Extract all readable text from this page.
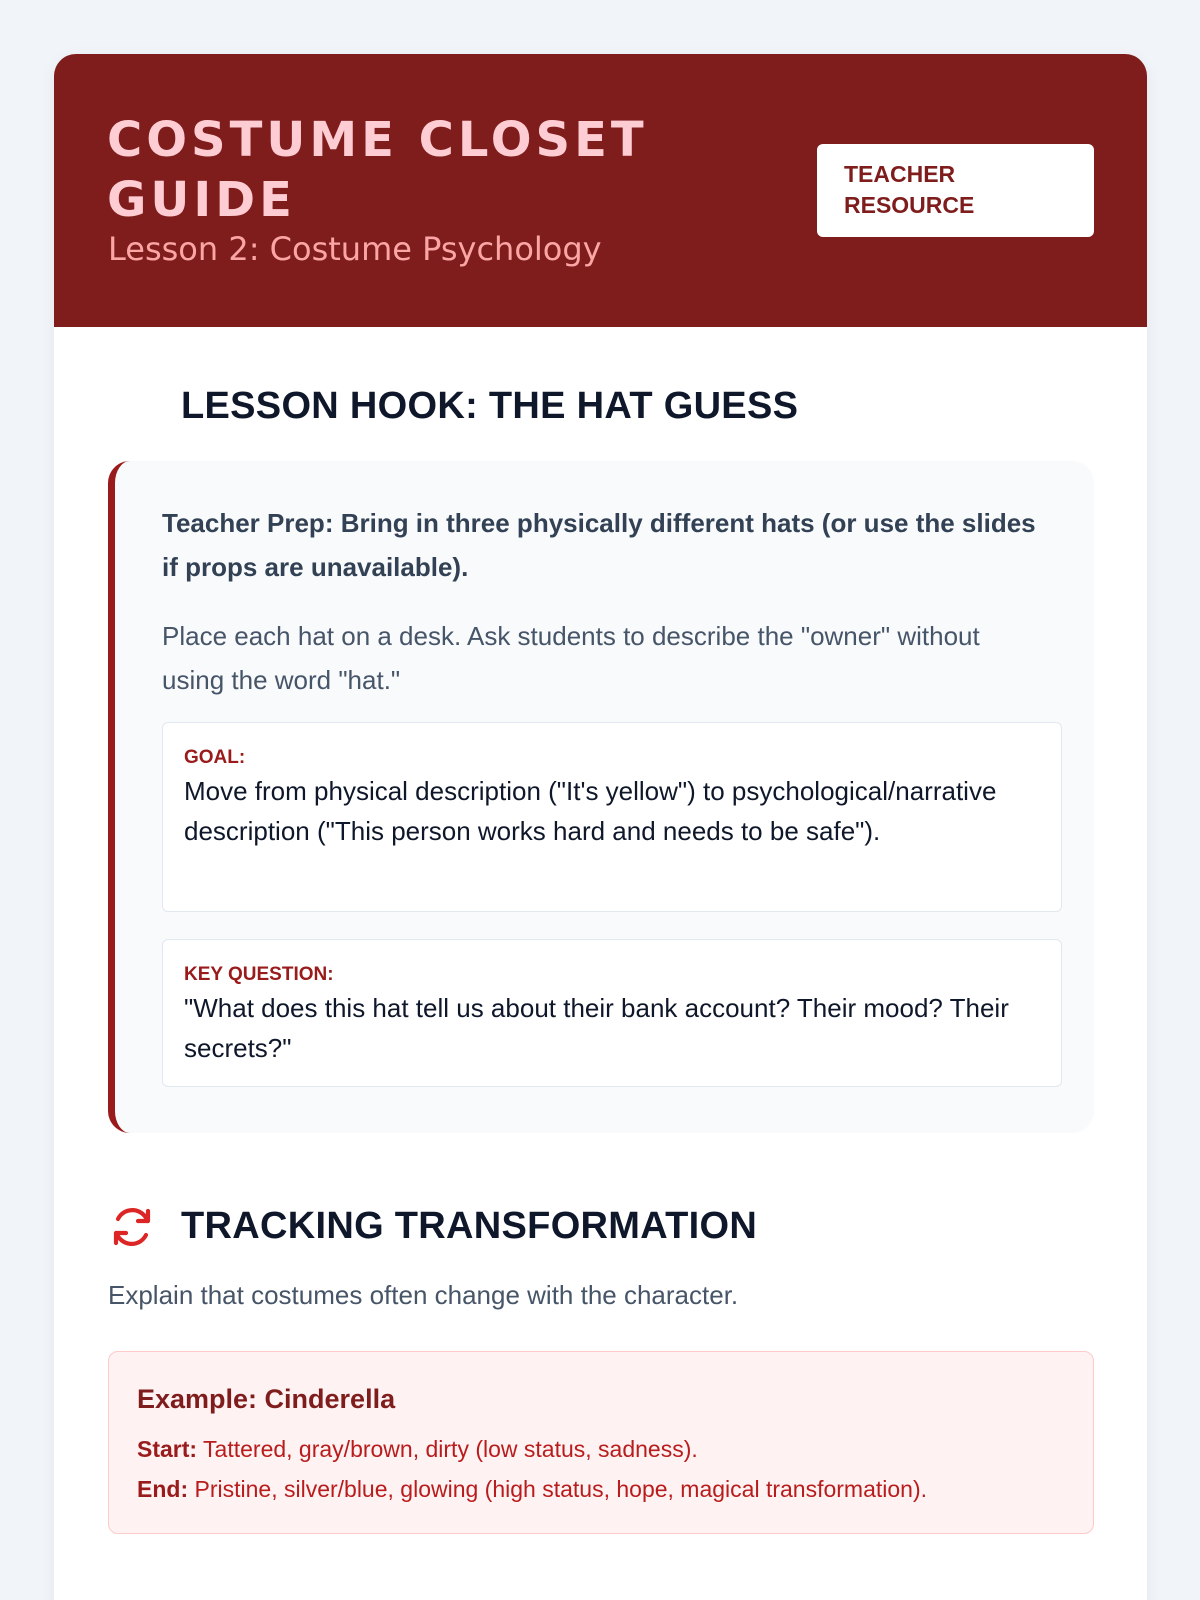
COSTUME CLOSET GUIDE
Lesson 2: Costume Psychology
TEACHER RESOURCE
LESSON HOOK: THE HAT GUESS
Teacher Prep: Bring in three physically different hats (or use the slides if props are unavailable).
Place each hat on a desk. Ask students to describe the "owner" without using the word "hat."
GOAL:
Move from physical description ("It's yellow") to psychological/narrative description ("This person works hard and needs to be safe").
KEY QUESTION:
"What does this hat tell us about their bank account? Their mood? Their secrets?"
TRACKING TRANSFORMATION
Explain that costumes often change with the character.
Example: Cinderella
Start: Tattered, gray/brown, dirty (low status, sadness).
End: Pristine, silver/blue, glowing (high status, hope, magical transformation).
